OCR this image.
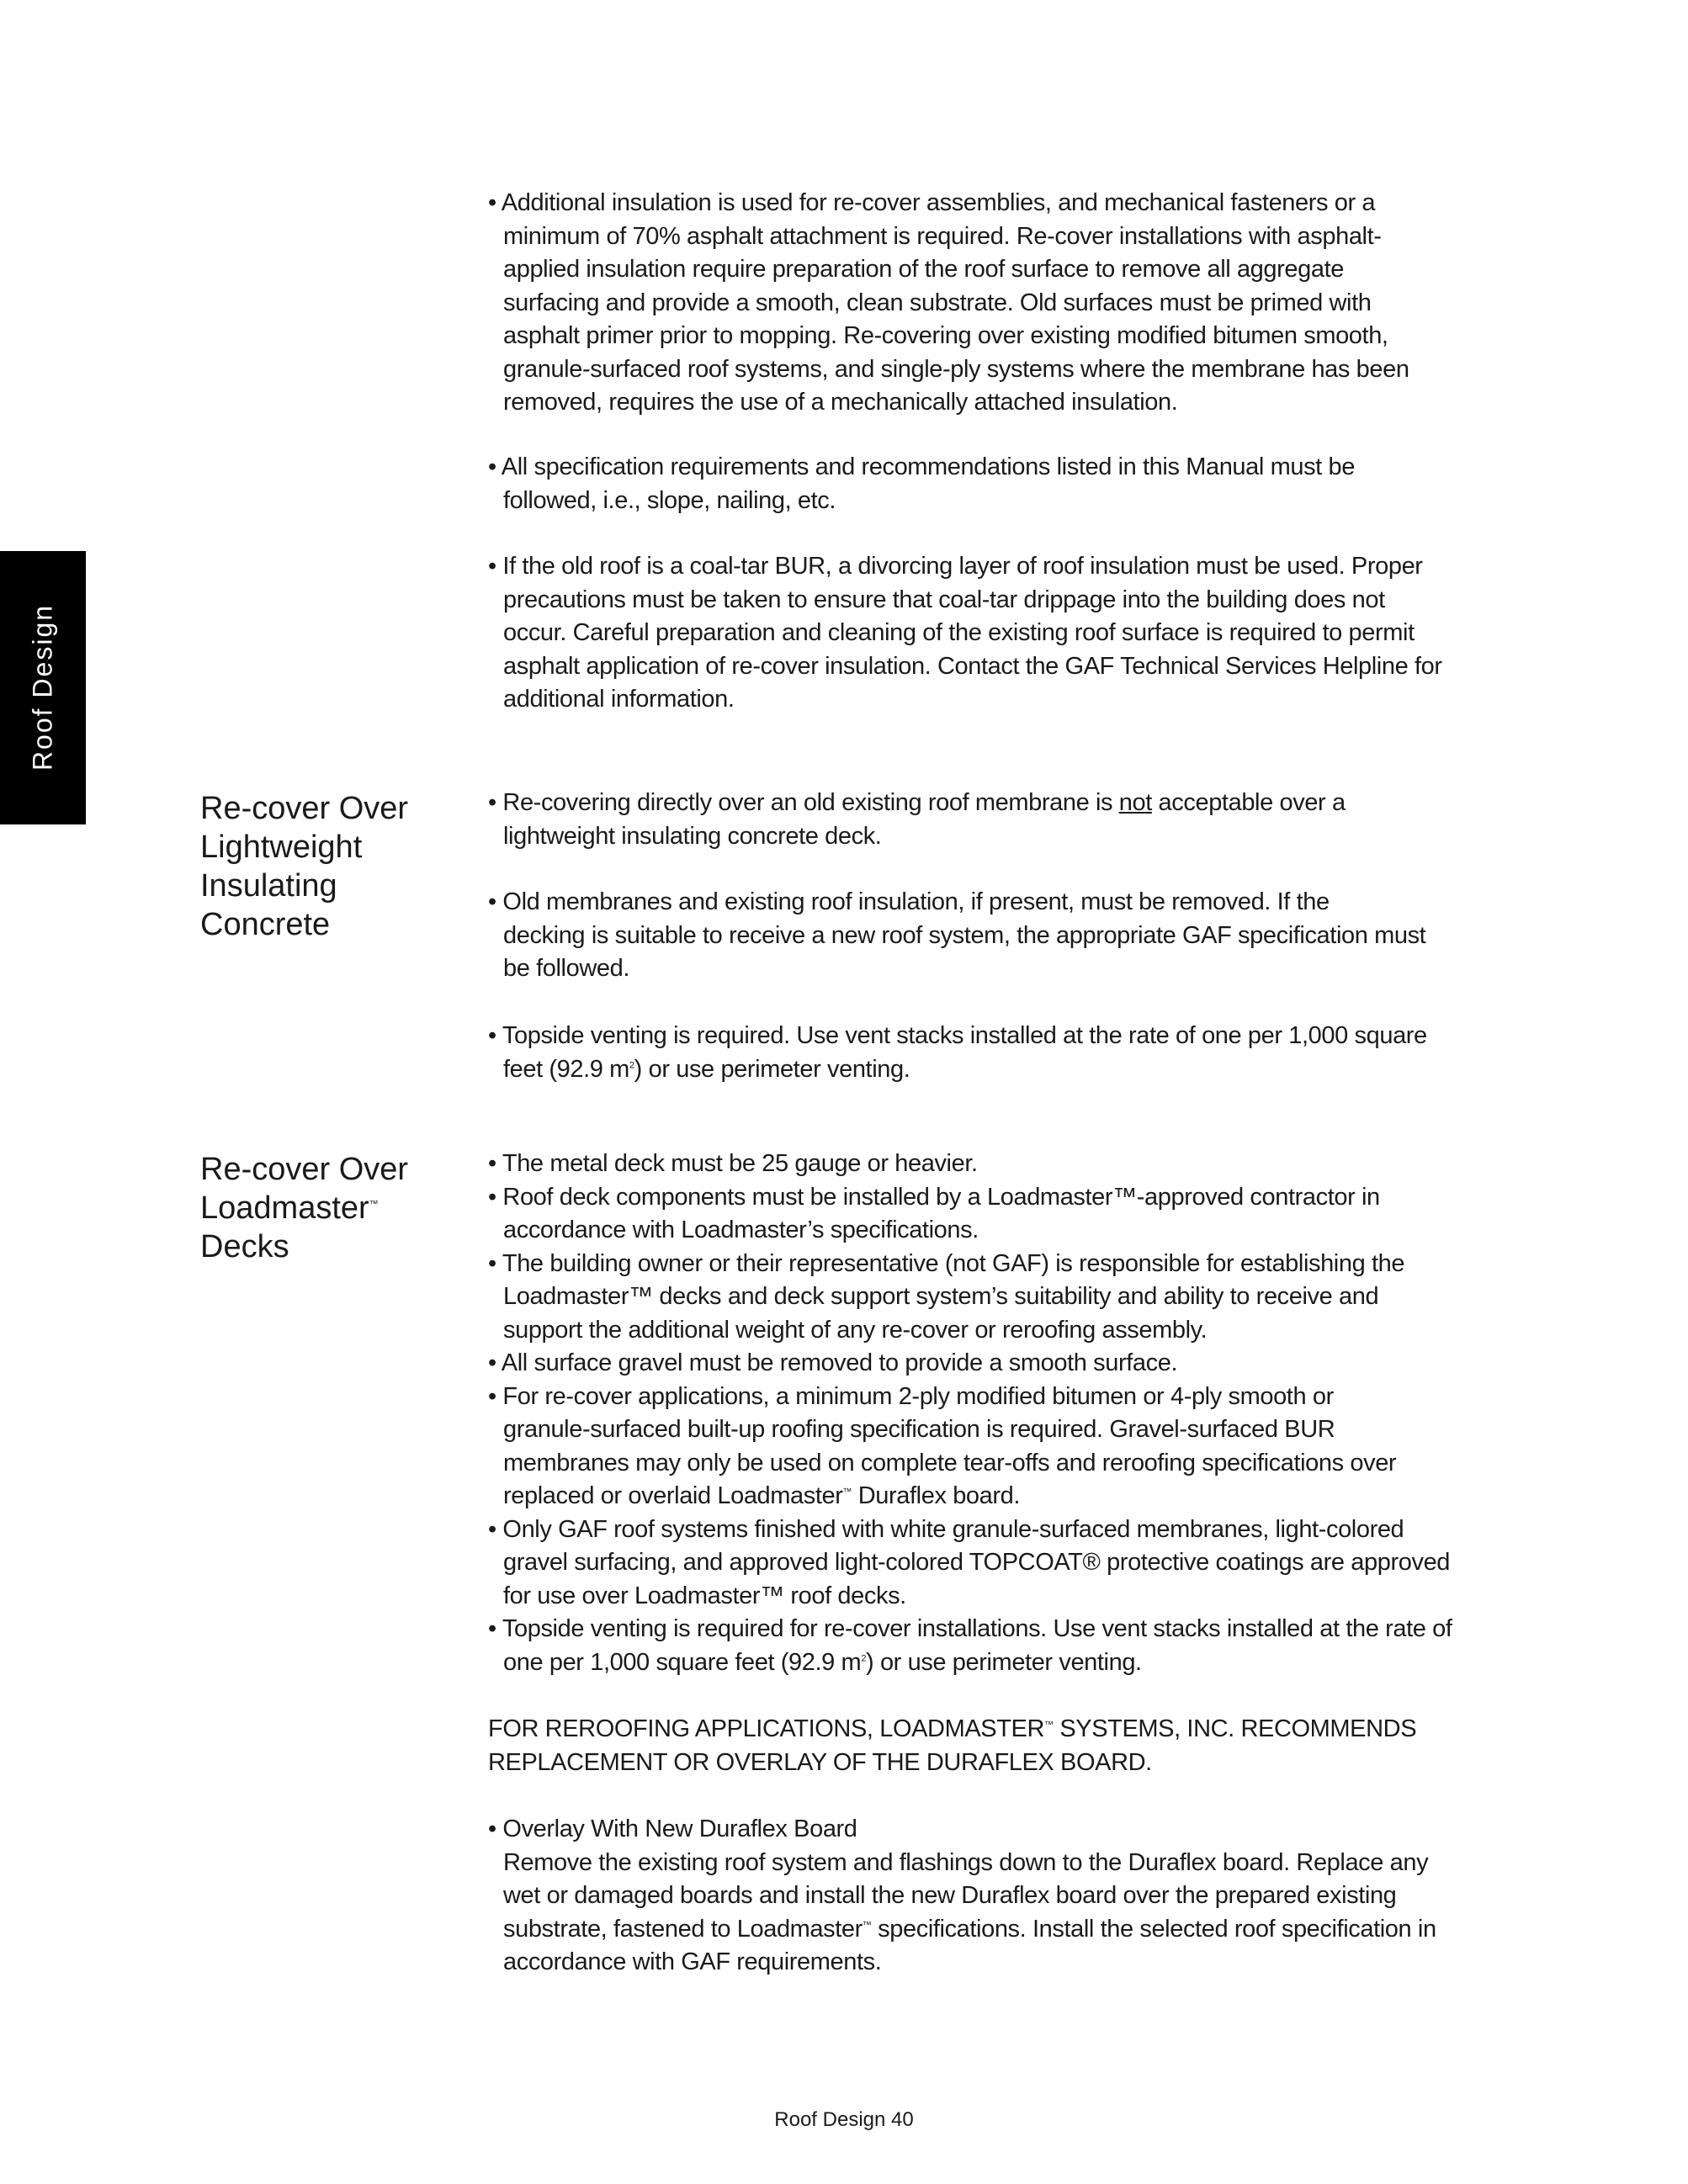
Roof Design
• Additional insulation is used for re-cover assemblies, and mechanical fasteners or a
minimum of 70% asphalt attachment is required. Re-cover installations with asphalt-
applied insulation require preparation of the roof surface to remove all aggregate
surfacing and provide a smooth, clean substrate. Old surfaces must be primed with
asphalt primer prior to mopping. Re-covering over existing modified bitumen smooth,
granule-surfaced roof systems, and single-ply systems where the membrane has been
removed, requires the use of a mechanically attached insulation.
• All specification requirements and recommendations listed in this Manual must be
followed, i.e., slope, nailing, etc.
• If the old roof is a coal-tar BUR, a divorcing layer of roof insulation must be used. Proper
precautions must be taken to ensure that coal-tar drippage into the building does not
occur. Careful preparation and cleaning of the existing roof surface is required to permit
asphalt application of re-cover insulation. Contact the GAF Technical Services Helpline for
additional information.
Re-cover Over
Lightweight
Insulating
Concrete
• Re-covering directly over an old existing roof membrane is not acceptable over a
lightweight insulating concrete deck.
• Old membranes and existing roof insulation, if present, must be removed. If the
decking is suitable to receive a new roof system, the appropriate GAF specification must
be followed.
• Topside venting is required. Use vent stacks installed at the rate of one per 1,000 square
feet (92.9 $m^2$) or use perimeter venting.
Re-cover Over
Loadmaster™
Decks
• The metal deck must be 25 gauge or heavier.
• Roof deck components must be installed by a Loadmaster™-approved contractor in
accordance with Loadmaster’s specifications.
• The building owner or their representative (not GAF) is responsible for establishing the
Loadmaster™ decks and deck support system’s suitability and ability to receive and
support the additional weight of any re-cover or reroofing assembly.
• All surface gravel must be removed to provide a smooth surface.
• For re-cover applications, a minimum 2-ply modified bitumen or 4-ply smooth or
granule-surfaced built-up roofing specification is required. Gravel-surfaced BUR
membranes may only be used on complete tear-offs and reroofing specifications over
replaced or overlaid Loadmaster™ Duraflex board.
• Only GAF roof systems finished with white granule-surfaced membranes, light-colored
gravel surfacing, and approved light-colored TOPCOAT® protective coatings are approved
for use over Loadmaster™ roof decks.
• Topside venting is required for re-cover installations. Use vent stacks installed at the rate of
one per 1,000 square feet (92.9 $m^2$) or use perimeter venting.
FOR REROOFING APPLICATIONS, LOADMASTER™ SYSTEMS, INC. RECOMMENDS
REPLACEMENT OR OVERLAY OF THE DURAFLEX BOARD.
• Overlay With New Duraflex Board
Remove the existing roof system and flashings down to the Duraflex board. Replace any
wet or damaged boards and install the new Duraflex board over the prepared existing
substrate, fastened to Loadmaster™ specifications. Install the selected roof specification in
accordance with GAF requirements.
Roof Design 40
